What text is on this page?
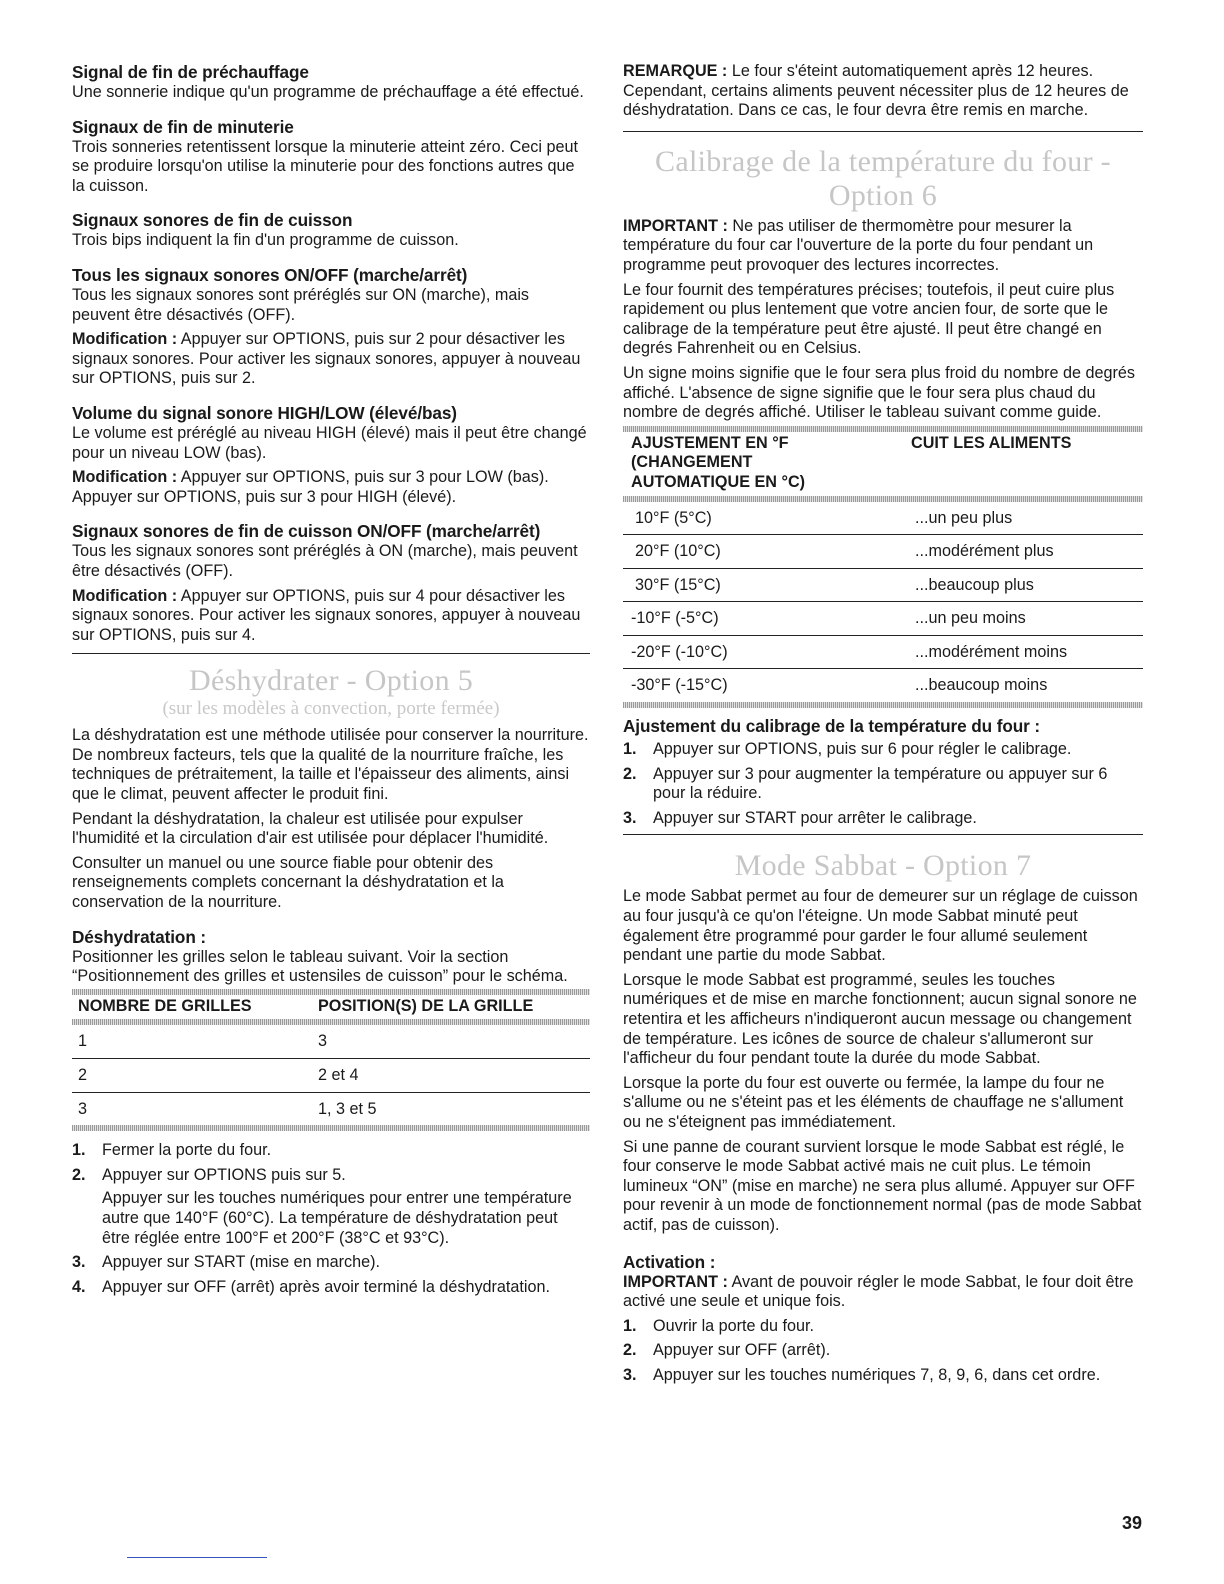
Signal de fin de préchauffage

Une sonnerie indique qu'un programme de préchauffage a été effectué.

Signaux de fin de minuterie

Trois sonneries retentissent lorsque la minuterie atteint zéro. Ceci peut se produire lorsqu'on utilise la minuterie pour des fonctions autres que la cuisson.

Signaux sonores de fin de cuisson

Trois bips indiquent la fin d'un programme de cuisson.

Tous les signaux sonores ON/OFF (marche/arrêt)

Tous les signaux sonores sont préréglés sur ON (marche), mais peuvent être désactivés (OFF).

Modification : Appuyer sur OPTIONS, puis sur 2 pour désactiver les signaux sonores. Pour activer les signaux sonores, appuyer à nouveau sur OPTIONS, puis sur 2.

Volume du signal sonore HIGH/LOW (élevé/bas)

Le volume est préréglé au niveau HIGH (élevé) mais il peut être changé pour un niveau LOW (bas).

Modification : Appuyer sur OPTIONS, puis sur 3 pour LOW (bas). Appuyer sur OPTIONS, puis sur 3 pour HIGH (élevé).

Signaux sonores de fin de cuisson ON/OFF (marche/arrêt)

Tous les signaux sonores sont préréglés à ON (marche), mais peuvent être désactivés (OFF).

Modification : Appuyer sur OPTIONS, puis sur 4 pour désactiver les signaux sonores. Pour activer les signaux sonores, appuyer à nouveau sur OPTIONS, puis sur 4.

Déshydrater - Option 5
(sur les modèles à convection, porte fermée)

La déshydratation est une méthode utilisée pour conserver la nourriture. De nombreux facteurs, tels que la qualité de la nourriture fraîche, les techniques de prétraitement, la taille et l'épaisseur des aliments, ainsi que le climat, peuvent affecter le produit fini.

Pendant la déshydratation, la chaleur est utilisée pour expulser l'humidité et la circulation d'air est utilisée pour déplacer l'humidité.

Consulter un manuel ou une source fiable pour obtenir des renseignements complets concernant la déshydratation et la conservation de la nourriture.

Déshydratation :

Positionner les grilles selon le tableau suivant. Voir la section “Positionnement des grilles et ustensiles de cuisson” pour le schéma.

NOMBRE DE GRILLES	POSITION(S) DE LA GRILLE
1	3
2	2 et 4
3	1, 3 et 5
1. Fermer la porte du four.
2. Appuyer sur OPTIONS puis sur 5.

Appuyer sur les touches numériques pour entrer une température autre que 140°F (60°C). La température de déshydratation peut être réglée entre 100°F et 200°F (38°C et 93°C).

3. Appuyer sur START (mise en marche).
4. Appuyer sur OFF (arrêt) après avoir terminé la déshydratation.

REMARQUE : Le four s'éteint automatiquement après 12 heures. Cependant, certains aliments peuvent nécessiter plus de 12 heures de déshydratation. Dans ce cas, le four devra être remis en marche.

Calibrage de la température du four - Option 6

IMPORTANT : Ne pas utiliser de thermomètre pour mesurer la température du four car l'ouverture de la porte du four pendant un programme peut provoquer des lectures incorrectes.

Le four fournit des températures précises; toutefois, il peut cuire plus rapidement ou plus lentement que votre ancien four, de sorte que le calibrage de la température peut être ajusté. Il peut être changé en degrés Fahrenheit ou en Celsius.

Un signe moins signifie que le four sera plus froid du nombre de degrés affiché. L'absence de signe signifie que le four sera plus chaud du nombre de degrés affiché. Utiliser le tableau suivant comme guide.

AJUSTEMENT EN °F
(CHANGEMENT
AUTOMATIQUE EN °C)
	CUIT LES ALIMENTS
10°F (5°C)	...un peu plus
20°F (10°C)	...modérément plus
30°F (15°C)	...beaucoup plus
-10°F (-5°C)	...un peu moins
-20°F (-10°C)	...modérément moins
-30°F (-15°C)	...beaucoup moins
Ajustement du calibrage de la température du four :
1. Appuyer sur OPTIONS, puis sur 6 pour régler le calibrage.
2. Appuyer sur 3 pour augmenter la température ou appuyer sur 6 pour la réduire.
3. Appuyer sur START pour arrêter le calibrage.
Mode Sabbat - Option 7

Le mode Sabbat permet au four de demeurer sur un réglage de cuisson au four jusqu'à ce qu'on l'éteigne. Un mode Sabbat minuté peut également être programmé pour garder le four allumé seulement pendant une partie du mode Sabbat.

Lorsque le mode Sabbat est programmé, seules les touches numériques et de mise en marche fonctionnent; aucun signal sonore ne retentira et les afficheurs n'indiqueront aucun message ou changement de température. Les icônes de source de chaleur s'allumeront sur l'afficheur du four pendant toute la durée du mode Sabbat.

Lorsque la porte du four est ouverte ou fermée, la lampe du four ne s'allume ou ne s'éteint pas et les éléments de chauffage ne s'allument ou ne s'éteignent pas immédiatement.

Si une panne de courant survient lorsque le mode Sabbat est réglé, le four conserve le mode Sabbat activé mais ne cuit plus. Le témoin lumineux “ON” (mise en marche) ne sera plus allumé. Appuyer sur OFF pour revenir à un mode de fonctionnement normal (pas de mode Sabbat actif, pas de cuisson).

Activation :

IMPORTANT : Avant de pouvoir régler le mode Sabbat, le four doit être activé une seule et unique fois.

1. Ouvrir la porte du four.
2. Appuyer sur OFF (arrêt).
3. Appuyer sur les touches numériques 7, 8, 9, 6, dans cet ordre.
39
